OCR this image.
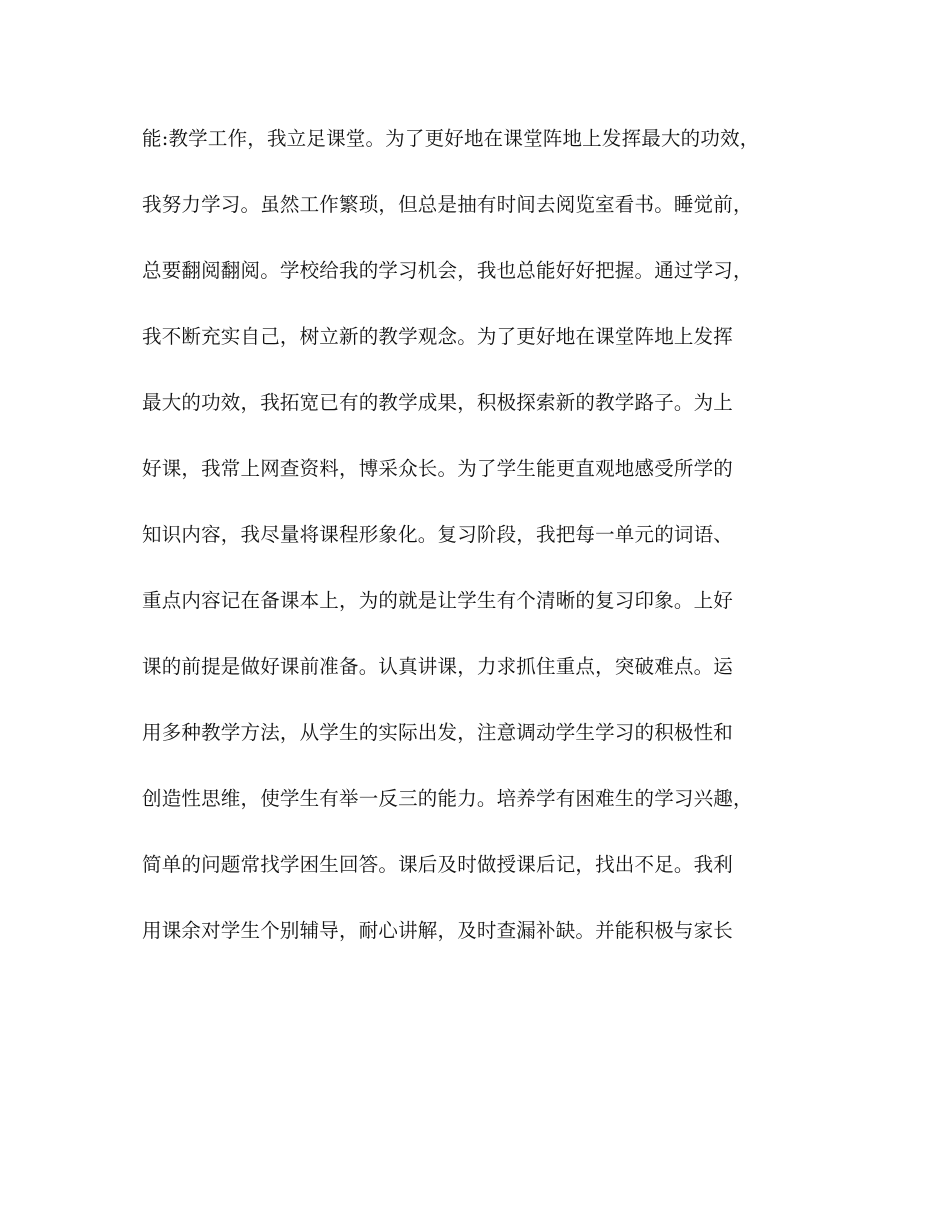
能:教学工作，我立足课堂。为了更好地在课堂阵地上发挥最大的功效，
我努力学习。虽然工作繁琐，但总是抽有时间去阅览室看书。睡觉前，
总要翻阅翻阅。学校给我的学习机会，我也总能好好把握。通过学习，
我不断充实自己，树立新的教学观念。为了更好地在课堂阵地上发挥
最大的功效，我拓宽已有的教学成果，积极探索新的教学路子。为上
好课，我常上网查资料，博采众长。为了学生能更直观地感受所学的
知识内容，我尽量将课程形象化。复习阶段，我把每一单元的词语、
重点内容记在备课本上，为的就是让学生有个清晰的复习印象。上好
课的前提是做好课前准备。认真讲课，力求抓住重点，突破难点。运
用多种教学方法，从学生的实际出发，注意调动学生学习的积极性和
创造性思维，使学生有举一反三的能力。培养学有困难生的学习兴趣，
简单的问题常找学困生回答。课后及时做授课后记，找出不足。我利
用课余对学生个别辅导，耐心讲解，及时查漏补缺。并能积极与家长
